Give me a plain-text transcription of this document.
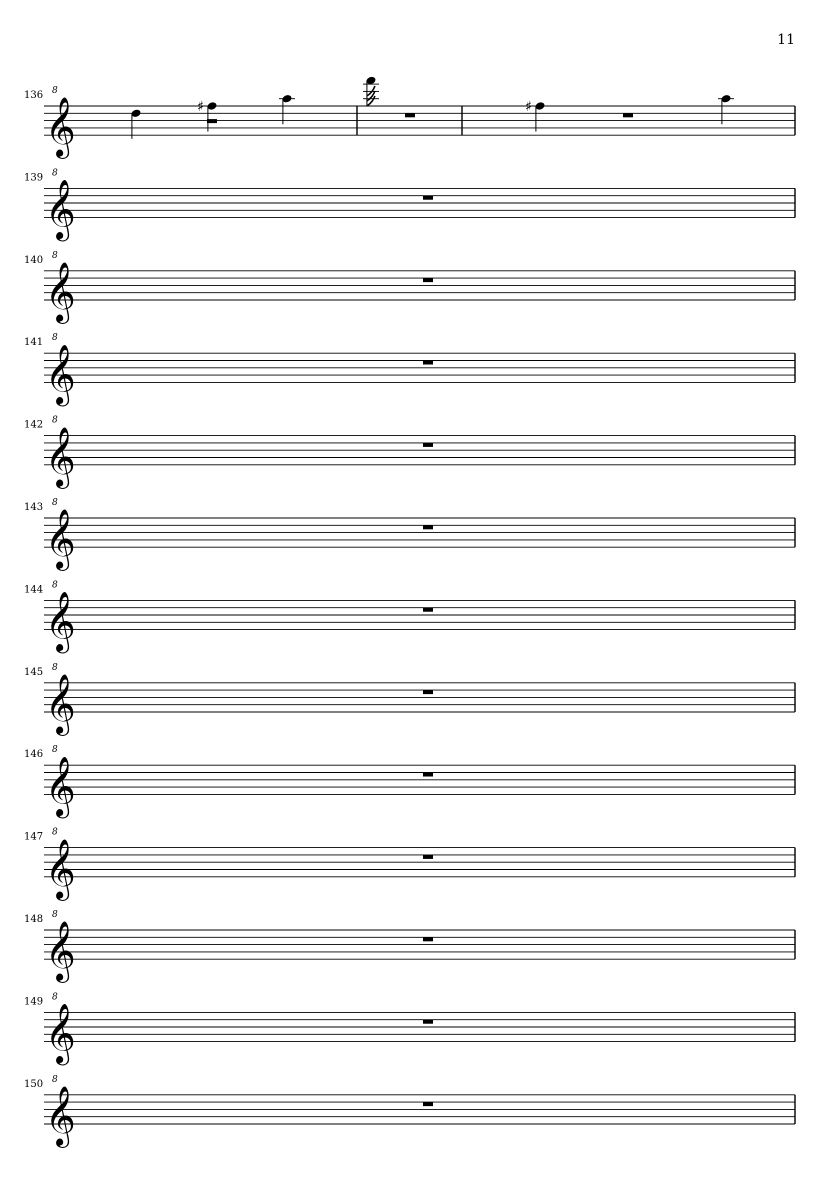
11
𝄞
8
136
♯	♯
𝄞
8
139
𝄞
8
140
𝄞
8
141
𝄞
8
142
𝄞
8
143
𝄞
8
144
𝄞
8
145
𝄞
8
146
𝄞
8
147
𝄞
8
148
𝄞
8
149
𝄞
8
150
